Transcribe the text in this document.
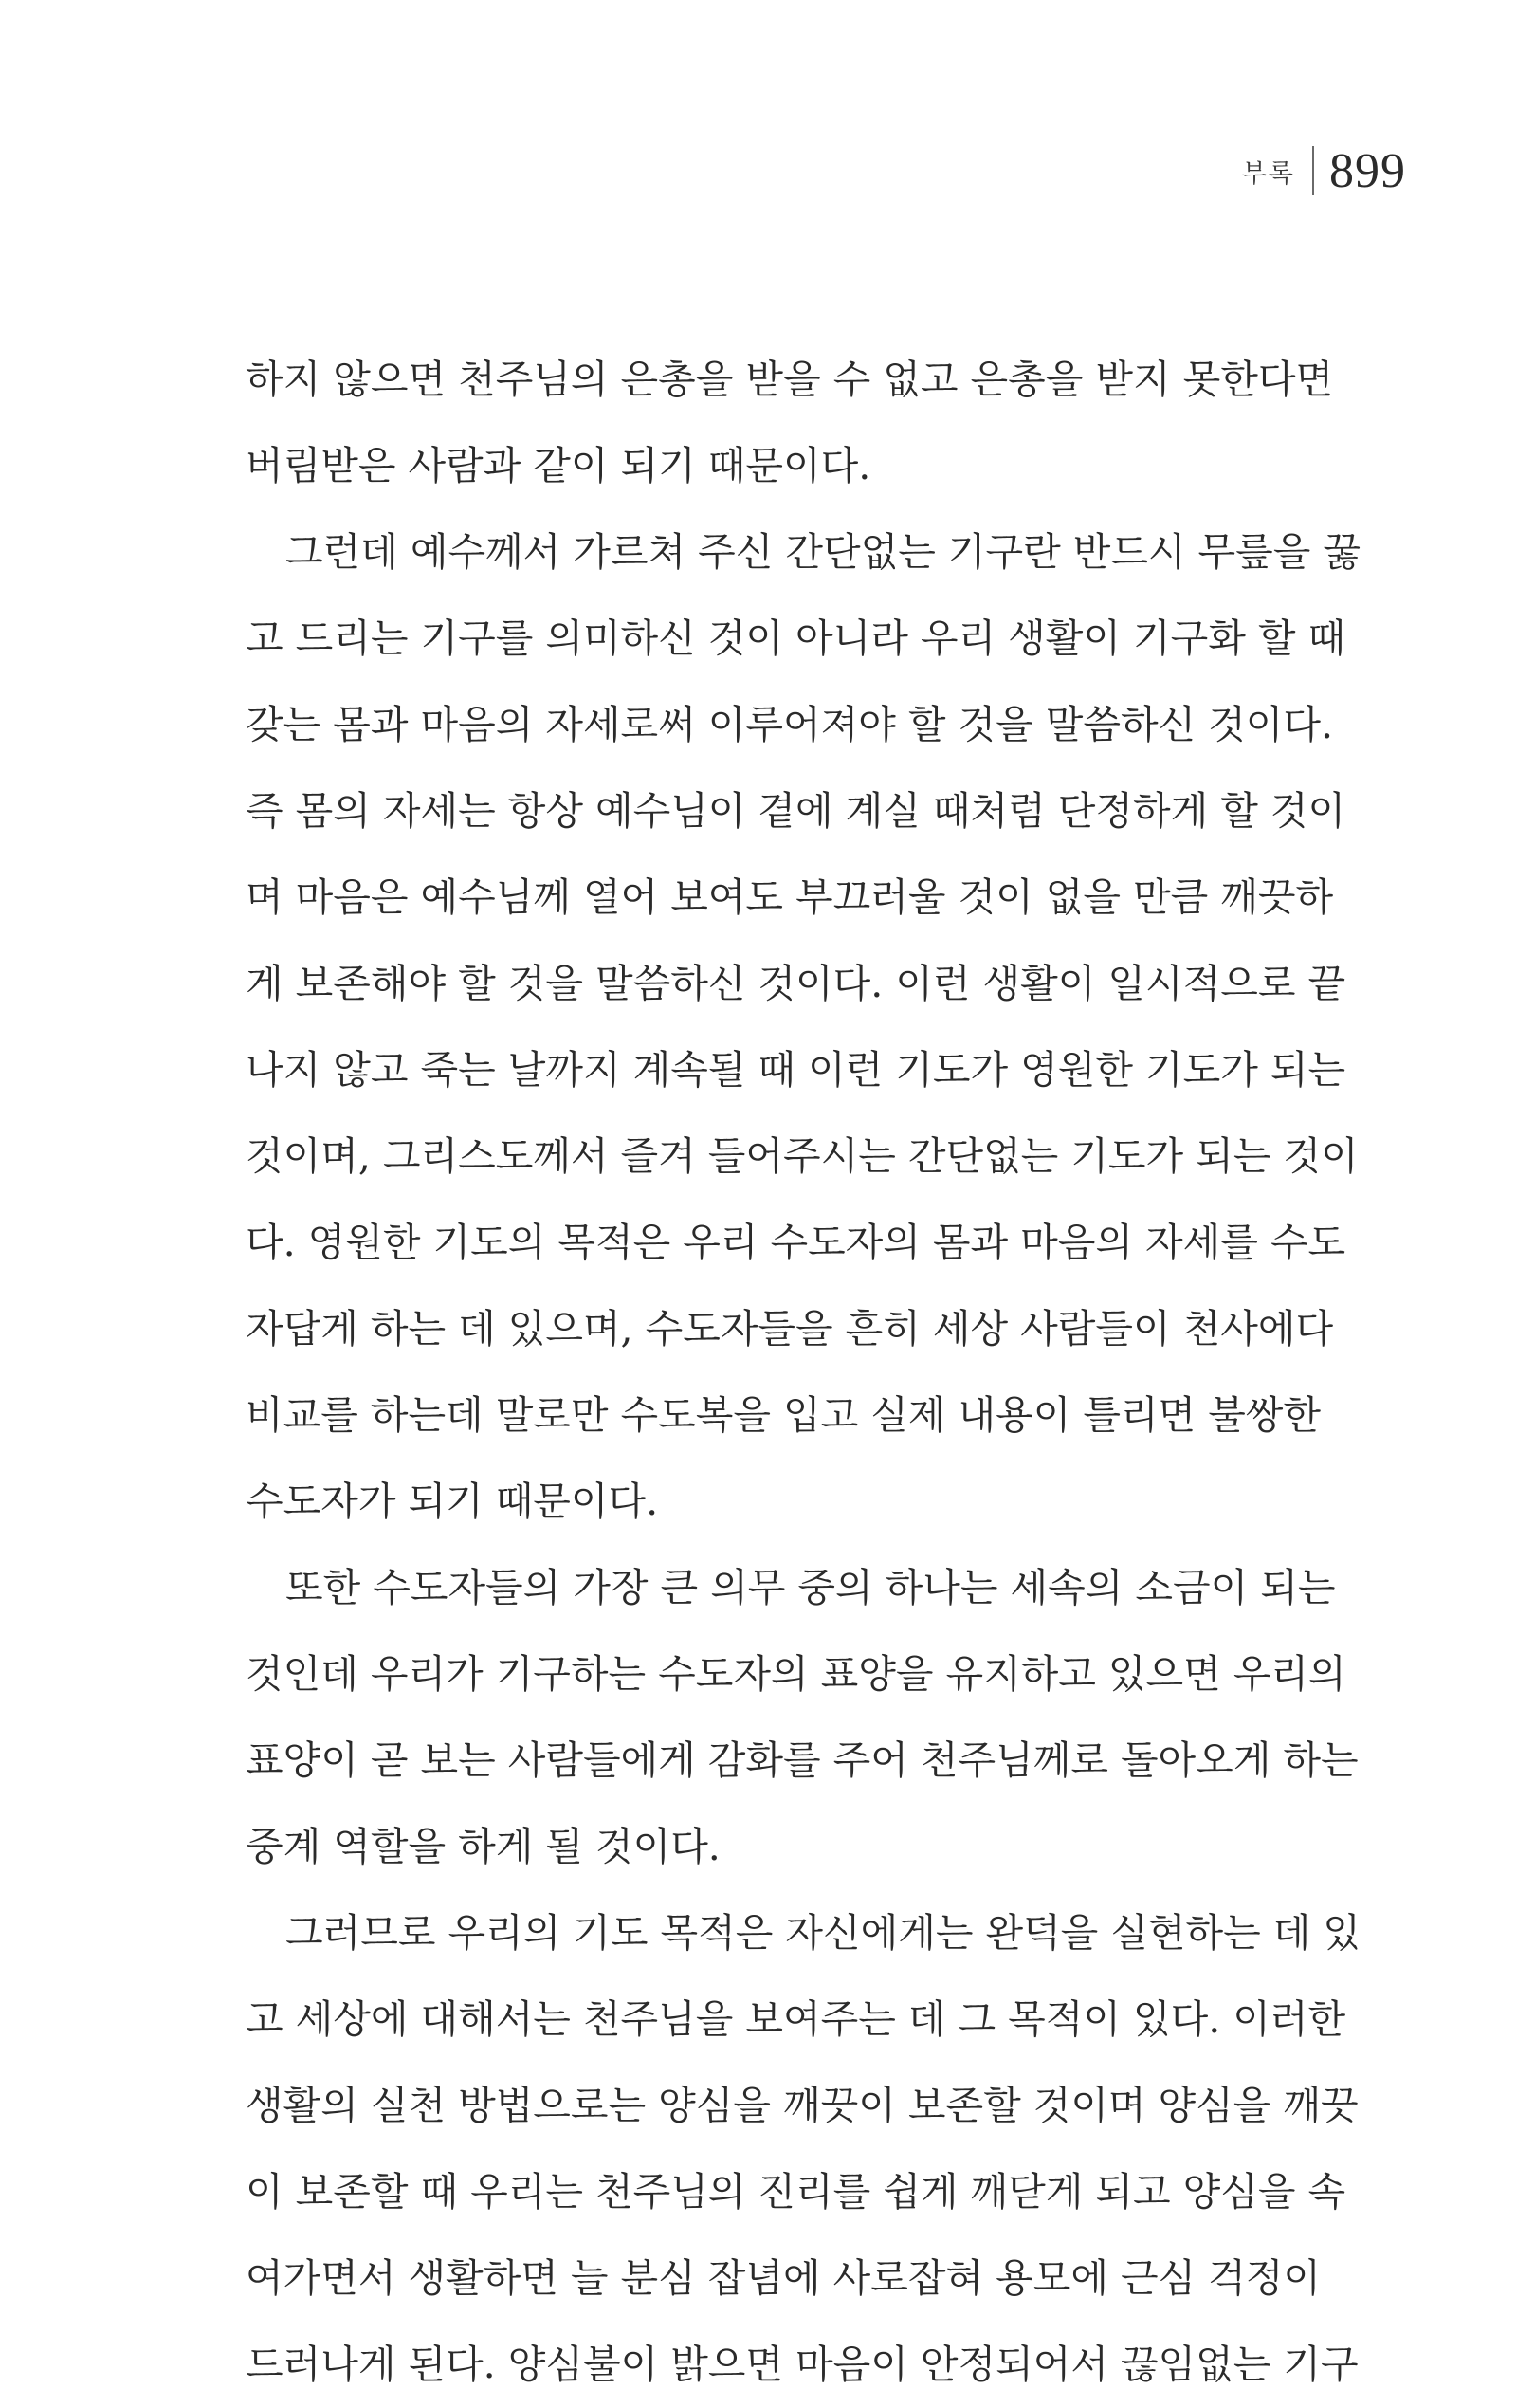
부록 899
하지 않으면 천주님의 은총을 받을 수 없고 은총을 받지 못한다면
버림받은 사람과 같이 되기 때문이다.
그런데 예수께서 가르쳐 주신 간단없는 기구란 반드시 무릎을 꿇
고 드리는 기구를 의미하신 것이 아니라 우리 생활이 기구화 할 때
갖는 몸과 마음의 자세로써 이루어져야 할 것을 말씀하신 것이다.
즉 몸의 자세는 항상 예수님이 곁에 계실 때처럼 단정하게 할 것이
며 마음은 예수님께 열어 보여도 부끄러울 것이 없을 만큼 깨끗하
게 보존해야 할 것을 말씀하신 것이다. 이런 생활이 일시적으로 끝
나지 않고 죽는 날까지 계속될 때 이런 기도가 영원한 기도가 되는
것이며, 그리스도께서 즐겨 들어주시는 간단없는 기도가 되는 것이
다. 영원한 기도의 목적은 우리 수도자의 몸과 마음의 자세를 수도
자답게 하는 데 있으며, 수도자들을 흔히 세상 사람들이 천사에다
비교를 하는데 말로만 수도복을 입고 실제 내용이 틀리면 불쌍한
수도자가 되기 때문이다.
또한 수도자들의 가장 큰 의무 중의 하나는 세속의 소금이 되는
것인데 우리가 기구하는 수도자의 표양을 유지하고 있으면 우리의
표양이 곧 보는 사람들에게 감화를 주어 천주님께로 돌아오게 하는
중계 역할을 하게 될 것이다.
그러므로 우리의 기도 목적은 자신에게는 완덕을 실현하는 데 있
고 세상에 대해서는 천주님을 보여주는 데 그 목적이 있다. 이러한
생활의 실천 방법으로는 양심을 깨끗이 보존할 것이며 양심을 깨끗
이 보존할 때 우리는 천주님의 진리를 쉽게 깨닫게 되고 양심을 속
여가면서 생활하면 늘 분심 잡념에 사로잡혀 용모에 근심 걱정이
드러나게 된다. 양심불이 밝으면 마음이 안정되어서 끊임없는 기구
